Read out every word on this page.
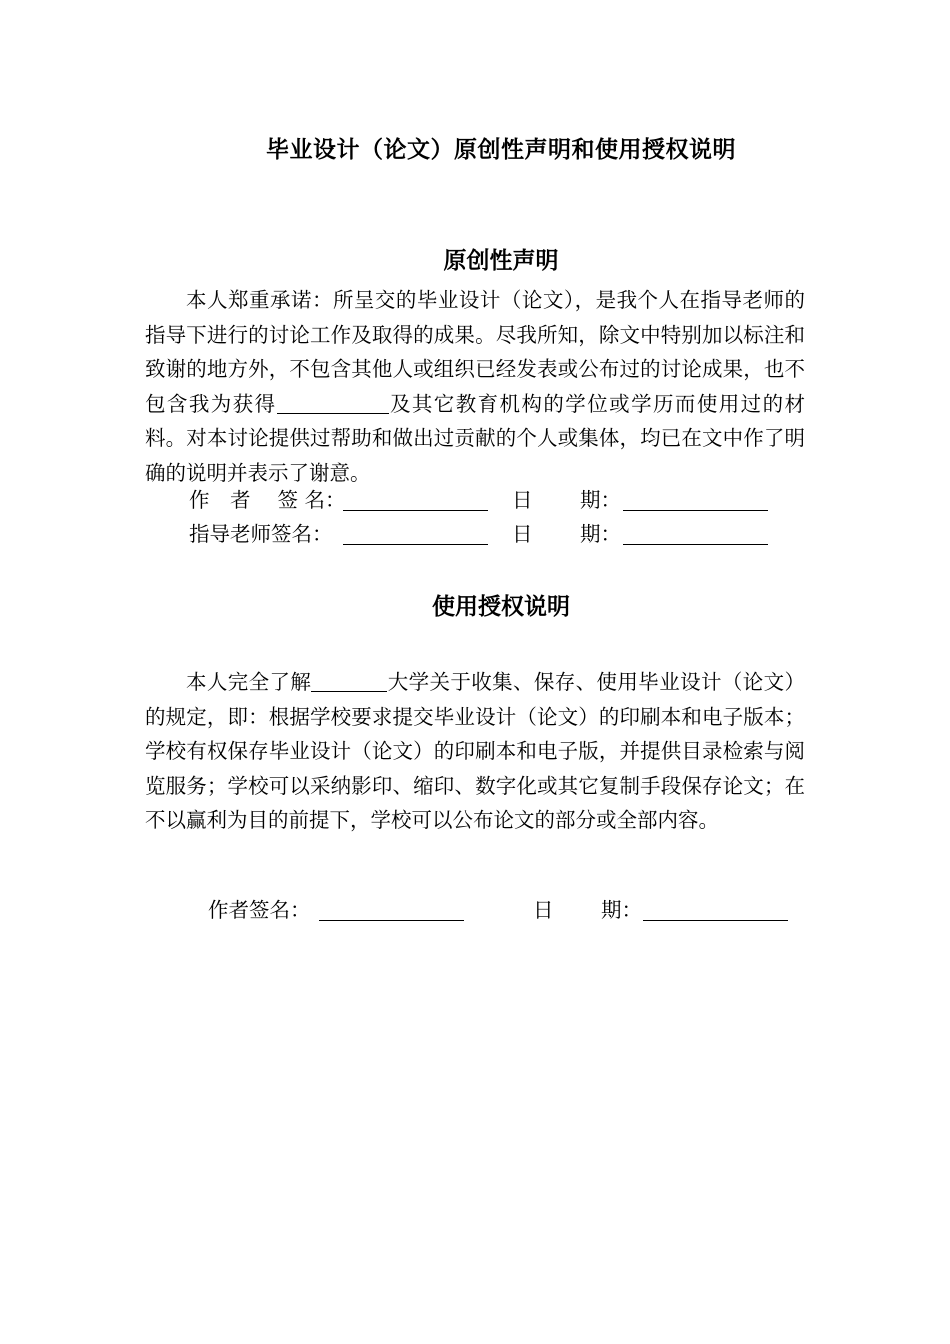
毕业设计（论文）原创性声明和使用授权说明
原创性声明

本人郑重承诺：所呈交的毕业设计（论文），是我个人在指导老师的指导下进行的讨论工作及取得的成果。尽我所知，除文中特别加以标注和致谢的地方外，不包含其他人或组织已经发表或公布过的讨论成果，也不包含我为获得	及其它教育机构的学位或学历而使用过的材料。对本讨论提供过帮助和做出过贡献的个人或集体，均已在文中作了明确的说明并表示了谢意。

作　者　 签 名：	日　　 期：
指导老师签名：	日　　 期：
使用授权说明

本人完全了解	大学关于收集、保存、使用毕业设计（论文）的规定，即：根据学校要求提交毕业设计（论文）的印刷本和电子版本；学校有权保存毕业设计（论文）的印刷本和电子版，并提供目录检索与阅览服务；学校可以采纳影印、缩印、数字化或其它复制手段保存论文；在不以赢利为目的前提下，学校可以公布论文的部分或全部内容。

作者签名：	日　　 期：
